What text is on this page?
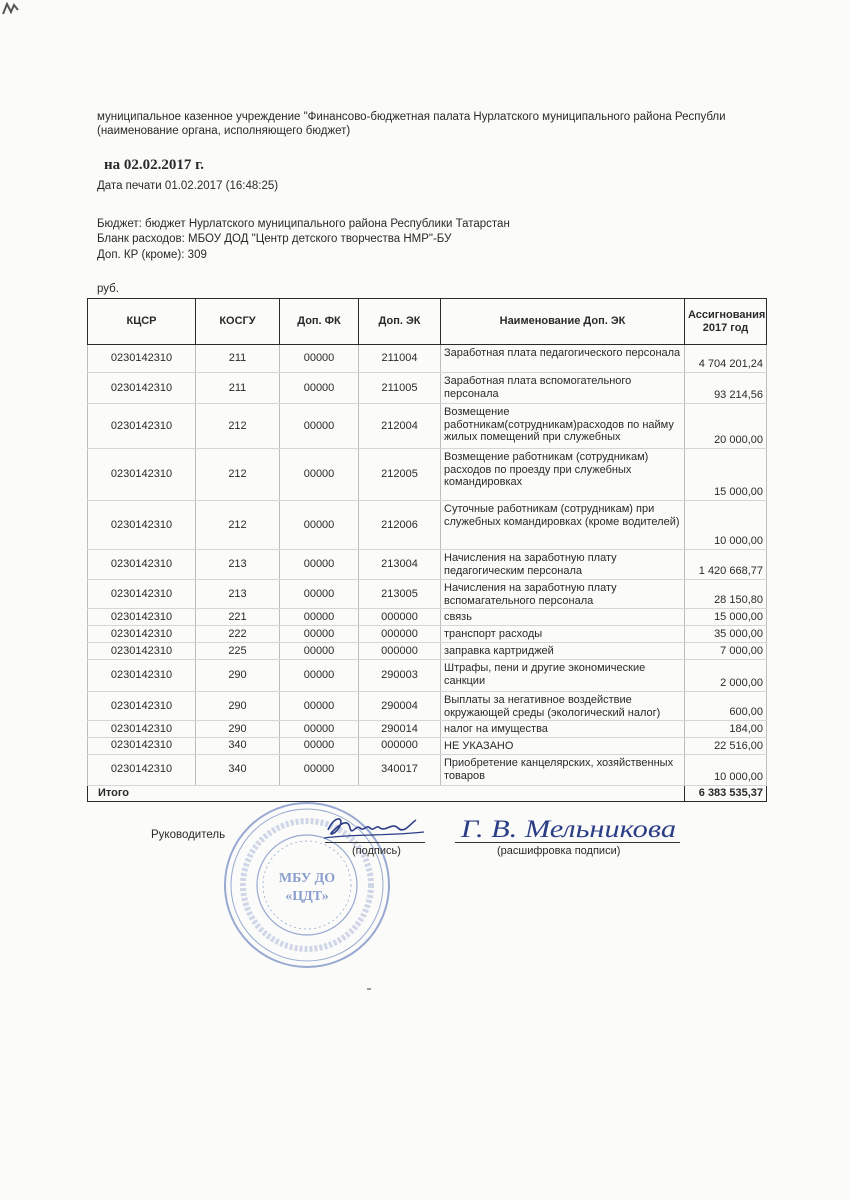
муниципальное казенное учреждение "Финансово-бюджетная палата Нурлатского муниципального района Республи
(наименование органа, исполняющего бюджет)
на 02.02.2017 г.
Дата печати 01.02.2017 (16:48:25)
Бюджет: бюджет Нурлатского муниципального района Республики Татарстан
Бланк расходов: МБОУ ДОД "Центр детского творчества НМР"-БУ
Доп. КР (кроме): 309
руб.
КЦСР	КОСГУ	Доп. ФК	Доп. ЭК	Наименование Доп. ЭК	Ассигнования 2017 год
0230142310	211	00000	211004	Заработная плата педагогического персонала	4 704 201,24
0230142310	211	00000	211005	Заработная плата вспомогательного персонала	93 214,56
0230142310	212	00000	212004	Возмещение работникам(сотрудникам)расходов по найму жилых помещений при служебных	20 000,00
0230142310	212	00000	212005	Возмещение работникам (сотрудникам) расходов по проезду при служебных командировках	15 000,00
0230142310	212	00000	212006	Суточные работникам (сотрудникам) при служебных командировках (кроме водителей)	10 000,00
0230142310	213	00000	213004	Начисления на заработную плату педагогическим персонала	1 420 668,77
0230142310	213	00000	213005	Начисления на заработную плату вспомагательного персонала	28 150,80
0230142310	221	00000	000000	связь	15 000,00
0230142310	222	00000	000000	транспорт расходы	35 000,00
0230142310	225	00000	000000	заправка картриджей	7 000,00
0230142310	290	00000	290003	Штрафы, пени и другие экономические санкции	2 000,00
0230142310	290	00000	290004	Выплаты за негативное воздействие окружающей среды (экологический налог)	600,00
0230142310	290	00000	290014	налог на имущества	184,00
0230142310	340	00000	000000	НЕ УКАЗАНО	22 516,00
0230142310	340	00000	340017	Приобретение канцелярских, хозяйственных товаров	10 000,00
Итого					6 383 535,37
МБУ ДО
«ЦДТ»
Руководитель
(подпись)	(расшифровка подписи)
Г. В. Мельникова
